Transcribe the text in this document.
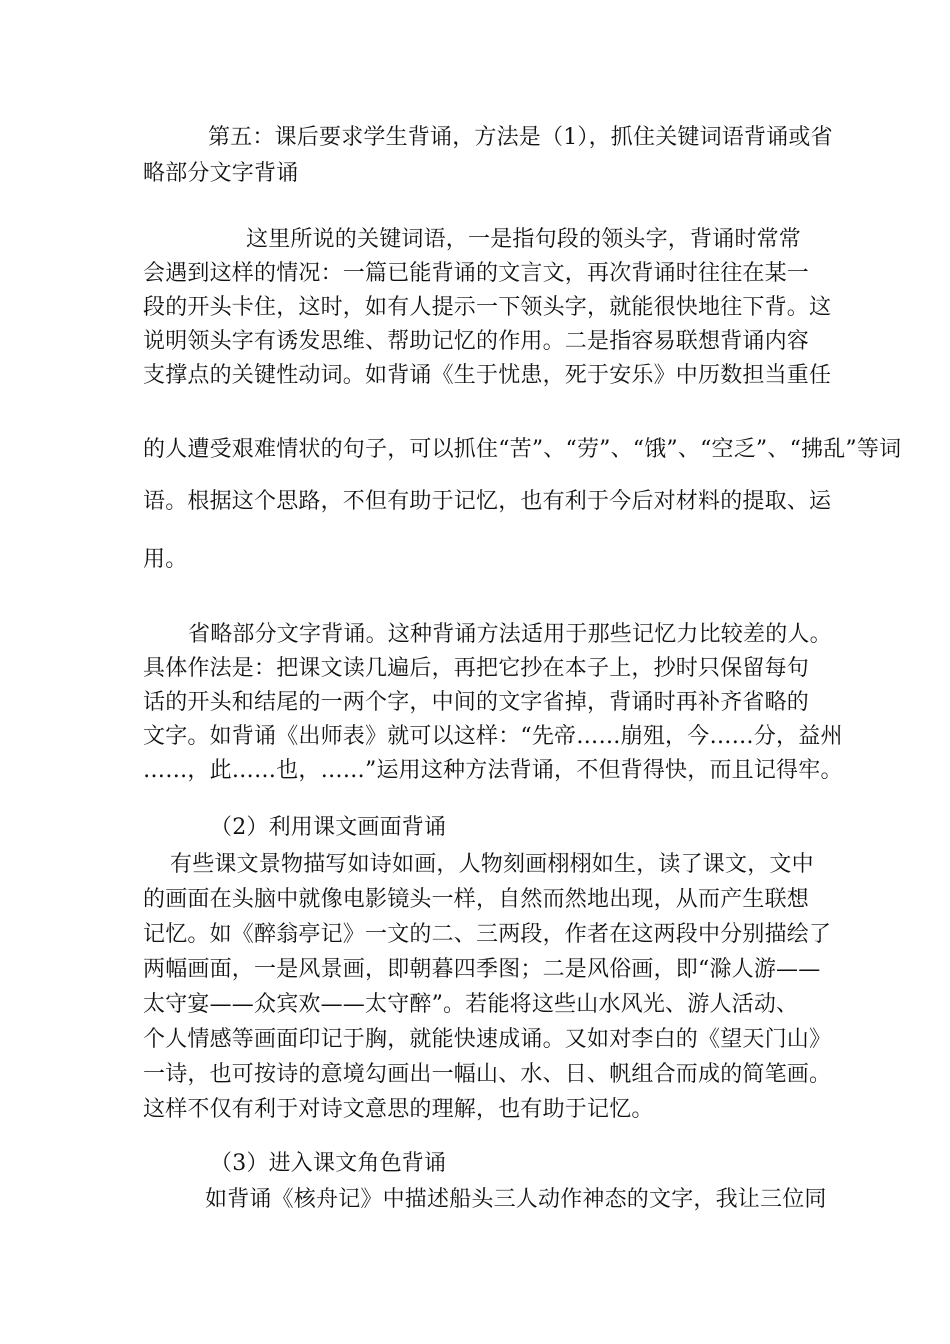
第五：课后要求学生背诵，方法是（1），抓住关键词语背诵或省
略部分文字背诵
这里所说的关键词语，一是指句段的领头字，背诵时常常
会遇到这样的情况：一篇已能背诵的文言文，再次背诵时往往在某一
段的开头卡住，这时，如有人提示一下领头字，就能很快地往下背。这
说明领头字有诱发思维、帮助记忆的作用。二是指容易联想背诵内容
支撑点的关键性动词。如背诵《生于忧患，死于安乐》中历数担当重任
的人遭受艰难情状的句子，可以抓住“苦”、“劳”、“饿”、“空乏”、“拂乱”等词
语。根据这个思路，不但有助于记忆，也有利于今后对材料的提取、运
用。
省略部分文字背诵。这种背诵方法适用于那些记忆力比较差的人。
具体作法是：把课文读几遍后，再把它抄在本子上，抄时只保留每句
话的开头和结尾的一两个字，中间的文字省掉，背诵时再补齐省略的
文字。如背诵《出师表》就可以这样：“先帝……崩殂，今……分，益州
……，此……也，……”运用这种方法背诵，不但背得快，而且记得牢。
（2）利用课文画面背诵
有些课文景物描写如诗如画，人物刻画栩栩如生，读了课文，文中
的画面在头脑中就像电影镜头一样，自然而然地出现，从而产生联想
记忆。如《醉翁亭记》一文的二、三两段，作者在这两段中分别描绘了
两幅画面，一是风景画，即朝暮四季图；二是风俗画，即“滁人游——
太守宴——众宾欢——太守醉”。若能将这些山水风光、游人活动、
个人情感等画面印记于胸，就能快速成诵。又如对李白的《望天门山》
一诗，也可按诗的意境勾画出一幅山、水、日、帆组合而成的简笔画。
这样不仅有利于对诗文意思的理解，也有助于记忆。
（3）进入课文角色背诵
如背诵《核舟记》中描述船头三人动作神态的文字，我让三位同
